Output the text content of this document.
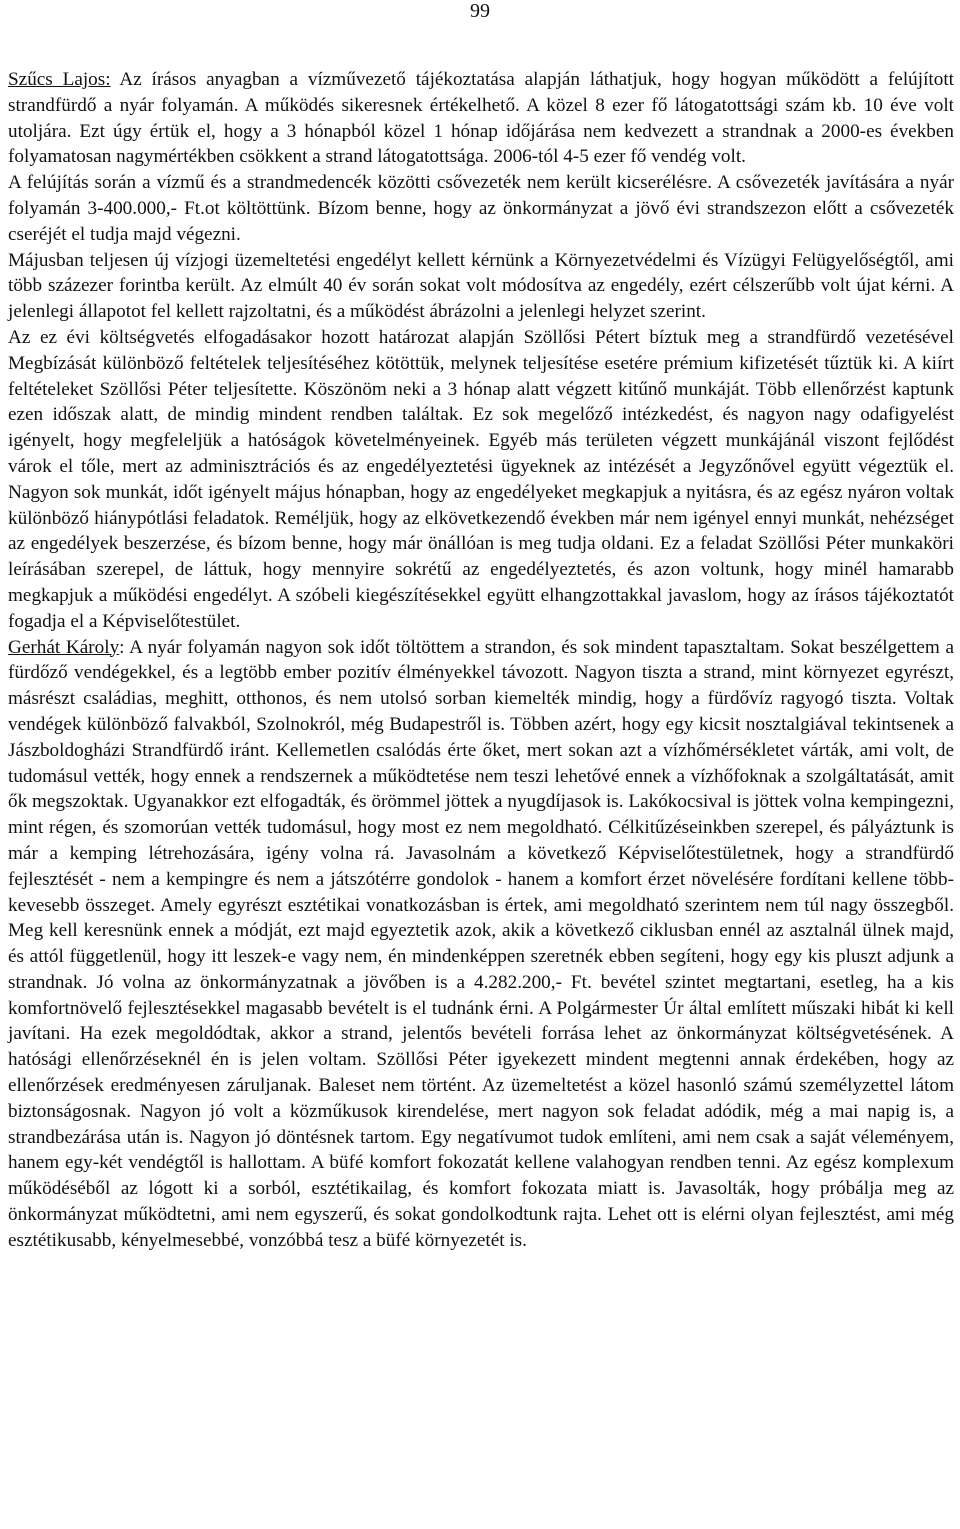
99

Szűcs Lajos: Az írásos anyagban a vízművezető tájékoztatása alapján láthatjuk, hogy hogyan működött a felújított strandfürdő a nyár folyamán. A működés sikeresnek értékelhető. A közel 8 ezer fő látogatottsági szám kb. 10 éve volt utoljára. Ezt úgy értük el, hogy a 3 hónapból közel 1 hónap időjárása nem kedvezett a strandnak a 2000-es években folyamatosan nagymértékben csökkent a strand látogatottsága. 2006-tól 4-5 ezer fő vendég volt.

A felújítás során a vízmű és a strandmedencék közötti csővezeték nem került kicserélésre. A csővezeték javítására a nyár folyamán 3-400.000,- Ft.ot költöttünk. Bízom benne, hogy az önkormányzat a jövő évi strandszezon előtt a csővezeték cseréjét el tudja majd végezni.

Májusban teljesen új vízjogi üzemeltetési engedélyt kellett kérnünk a Környezetvédelmi és Vízügyi Felügyelőségtől, ami több százezer forintba került. Az elmúlt 40 év során sokat volt módosítva az engedély, ezért célszerűbb volt újat kérni. A jelenlegi állapotot fel kellett rajzoltatni, és a működést ábrázolni a jelenlegi helyzet szerint.

Az ez évi költségvetés elfogadásakor hozott határozat alapján Szöllősi Pétert bíztuk meg a strandfürdő vezetésével Megbízását különböző feltételek teljesítéséhez kötöttük, melynek teljesítése esetére prémium kifizetését tűztük ki. A kiírt feltételeket Szöllősi Péter teljesítette. Köszönöm neki a 3 hónap alatt végzett kitűnő munkáját. Több ellenőrzést kaptunk ezen időszak alatt, de mindig mindent rendben találtak. Ez sok megelőző intézkedést, és nagyon nagy odafigyelést igényelt, hogy megfeleljük a hatóságok követelményeinek. Egyéb más területen végzett munkájánál viszont fejlődést várok el tőle, mert az adminisztrációs és az engedélyeztetési ügyeknek az intézését a Jegyzőnővel együtt végeztük el. Nagyon sok munkát, időt igényelt május hónapban, hogy az engedélyeket megkapjuk a nyitásra, és az egész nyáron voltak különböző hiánypótlási feladatok. Reméljük, hogy az elkövetkezendő években már nem igényel ennyi munkát, nehézséget az engedélyek beszerzése, és bízom benne, hogy már önállóan is meg tudja oldani. Ez a feladat Szöllősi Péter munkaköri leírásában szerepel, de láttuk, hogy mennyire sokrétű az engedélyeztetés, és azon voltunk, hogy minél hamarabb megkapjuk a működési engedélyt. A szóbeli kiegészítésekkel együtt elhangzottakkal javaslom, hogy az írásos tájékoztatót fogadja el a Képviselőtestület.

Gerhát Károly: A nyár folyamán nagyon sok időt töltöttem a strandon, és sok mindent tapasztaltam. Sokat beszélgettem a fürdőző vendégekkel, és a legtöbb ember pozitív élményekkel távozott. Nagyon tiszta a strand, mint környezet egyrészt, másrészt családias, meghitt, otthonos, és nem utolsó sorban kiemelték mindig, hogy a fürdővíz ragyogó tiszta. Voltak vendégek különböző falvakból, Szolnokról, még Budapestről is. Többen azért, hogy egy kicsit nosztalgiával tekintsenek a Jászboldogházi Strandfürdő iránt. Kellemetlen csalódás érte őket, mert sokan azt a vízhőmérsékletet várták, ami volt, de tudomásul vették, hogy ennek a rendszernek a működtetése nem teszi lehetővé ennek a vízhőfoknak a szolgáltatását, amit ők megszoktak. Ugyanakkor ezt elfogadták, és örömmel jöttek a nyugdíjasok is. Lakókocsival is jöttek volna kempingezni, mint régen, és szomorúan vették tudomásul, hogy most ez nem megoldható. Célkitűzéseinkben szerepel, és pályáztunk is már a kemping létrehozására, igény volna rá. Javasolnám a következő Képviselőtestületnek, hogy a strandfürdő fejlesztését - nem a kempingre és nem a játszótérre gondolok - hanem a komfort érzet növelésére fordítani kellene több-kevesebb összeget. Amely egyrészt esztétikai vonatkozásban is értek, ami megoldható szerintem nem túl nagy összegből. Meg kell keresnünk ennek a módját, ezt majd egyeztetik azok, akik a következő ciklusban ennél az asztalnál ülnek majd, és attól függetlenül, hogy itt leszek-e vagy nem, én mindenképpen szeretnék ebben segíteni, hogy egy kis pluszt adjunk a strandnak. Jó volna az önkormányzatnak a jövőben is a 4.282.200,- Ft. bevétel szintet megtartani, esetleg, ha a kis komfortnövelő fejlesztésekkel magasabb bevételt is el tudnánk érni. A Polgármester Úr által említett műszaki hibát ki kell javítani. Ha ezek megoldódtak, akkor a strand, jelentős bevételi forrása lehet az önkormányzat költségvetésének. A hatósági ellenőrzéseknél én is jelen voltam. Szöllősi Péter igyekezett mindent megtenni annak érdekében, hogy az ellenőrzések eredményesen záruljanak. Baleset nem történt. Az üzemeltetést a közel hasonló számú személyzettel látom biztonságosnak. Nagyon jó volt a közműkusok kirendelése, mert nagyon sok feladat adódik, még a mai napig is, a strandbezárása után is. Nagyon jó döntésnek tartom. Egy negatívumot tudok említeni, ami nem csak a saját véleményem, hanem egy-két vendégtől is hallottam. A büfé komfort fokozatát kellene valahogyan rendben tenni. Az egész komplexum működéséből az lógott ki a sorból, esztétikailag, és komfort fokozata miatt is. Javasolták, hogy próbálja meg az önkormányzat működtetni, ami nem egyszerű, és sokat gondolkodtunk rajta. Lehet ott is elérni olyan fejlesztést, ami még esztétikusabb, kényelmesebbé, vonzóbbá tesz a büfé környezetét is.
